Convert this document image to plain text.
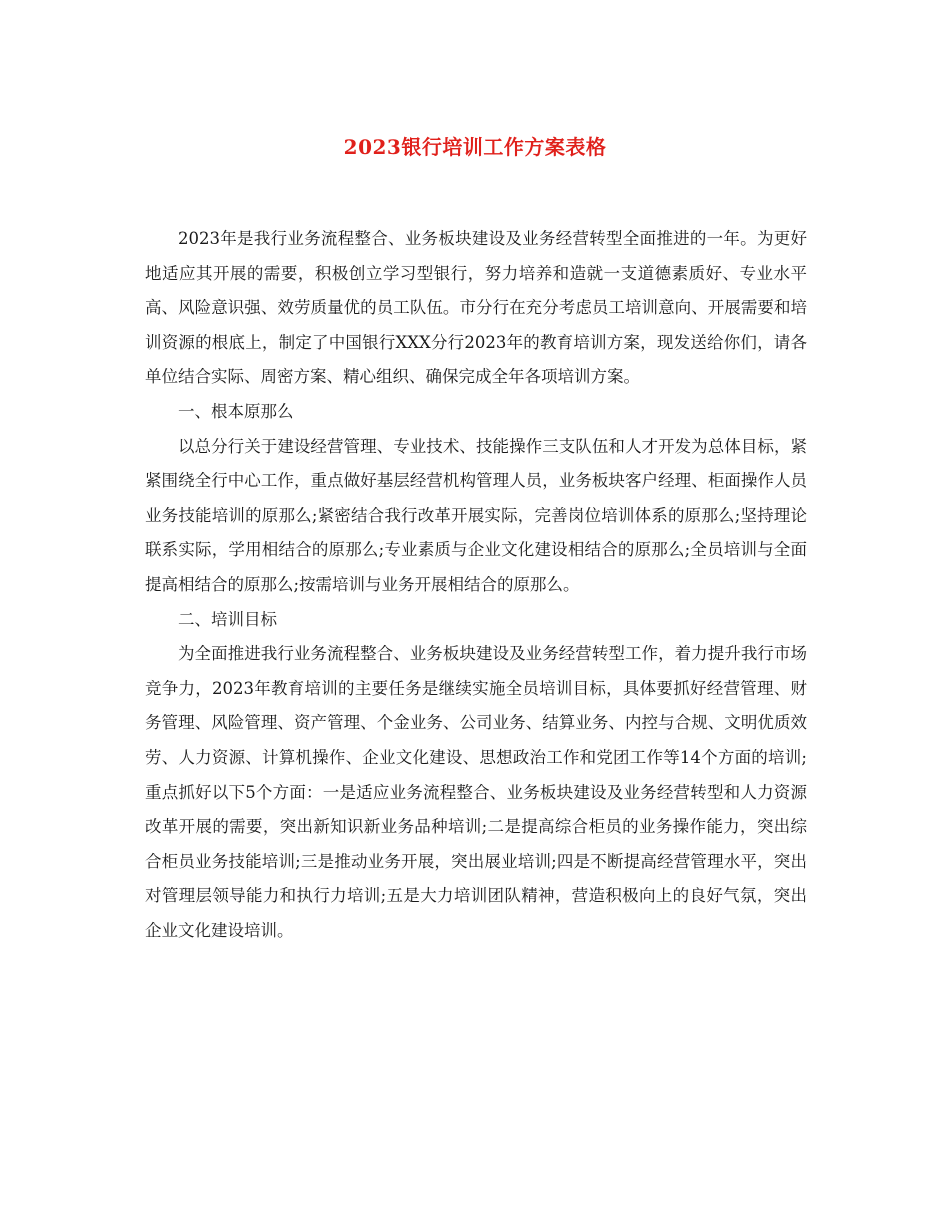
2023银行培训工作方案表格

2023年是我行业务流程整合、业务板块建设及业务经营转型全面推进的一年。为更好地适应其开展的需要，积极创立学习型银行，努力培养和造就一支道德素质好、专业水平高、风险意识强、效劳质量优的员工队伍。市分行在充分考虑员工培训意向、开展需要和培训资源的根底上，制定了中国银行XXX分行2023年的教育培训方案，现发送给你们，请各单位结合实际、周密方案、精心组织、确保完成全年各项培训方案。

一、根本原那么

以总分行关于建设经营管理、专业技术、技能操作三支队伍和人才开发为总体目标，紧紧围绕全行中心工作，重点做好基层经营机构管理人员，业务板块客户经理、柜面操作人员业务技能培训的原那么;紧密结合我行改革开展实际，完善岗位培训体系的原那么;坚持理论联系实际，学用相结合的原那么;专业素质与企业文化建设相结合的原那么;全员培训与全面提高相结合的原那么;按需培训与业务开展相结合的原那么。

二、培训目标

为全面推进我行业务流程整合、业务板块建设及业务经营转型工作，着力提升我行市场竞争力，2023年教育培训的主要任务是继续实施全员培训目标，具体要抓好经营管理、财务管理、风险管理、资产管理、个金业务、公司业务、结算业务、内控与合规、文明优质效劳、人力资源、计算机操作、企业文化建设、思想政治工作和党团工作等14个方面的培训;重点抓好以下5个方面：一是适应业务流程整合、业务板块建设及业务经营转型和人力资源改革开展的需要，突出新知识新业务品种培训;二是提高综合柜员的业务操作能力，突出综合柜员业务技能培训;三是推动业务开展，突出展业培训;四是不断提高经营管理水平，突出对管理层领导能力和执行力培训;五是大力培训团队精神，营造积极向上的良好气氛，突出企业文化建设培训。
